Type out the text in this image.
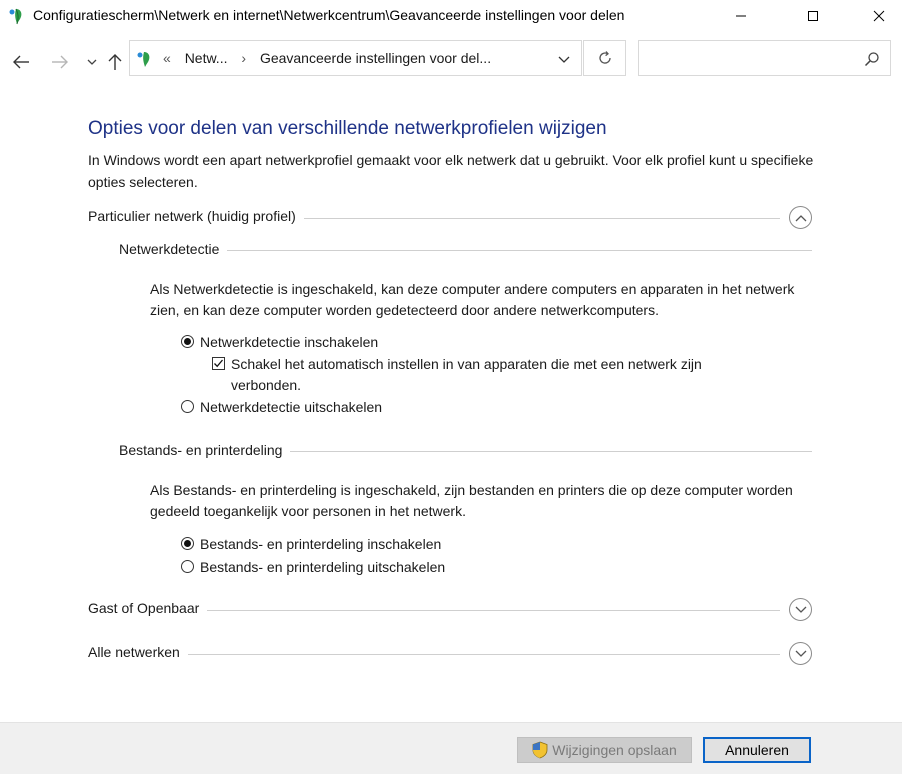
Configuratiescherm\Netwerk en internet\Netwerkcentrum\Geavanceerde instellingen voor delen
« Netw... › Geavanceerde instellingen voor del...
Opties voor delen van verschillende netwerkprofielen wijzigen
In Windows wordt een apart netwerkprofiel gemaakt voor elk netwerk dat u gebruikt. Voor elk profiel kunt u specifieke opties selecteren.
Particulier netwerk (huidig profiel)
Netwerkdetectie
Als Netwerkdetectie is ingeschakeld, kan deze computer andere computers en apparaten in het netwerk zien, en kan deze computer worden gedetecteerd door andere netwerkcomputers.
Netwerkdetectie inschakelen
Schakel het automatisch instellen in van apparaten die met een netwerk zijn verbonden.
Netwerkdetectie uitschakelen
Bestands- en printerdeling
Als Bestands- en printerdeling is ingeschakeld, zijn bestanden en printers die op deze computer worden gedeeld toegankelijk voor personen in het netwerk.
Bestands- en printerdeling inschakelen
Bestands- en printerdeling uitschakelen
Gast of Openbaar
Alle netwerken
Wijzigingen opslaan	Annuleren
